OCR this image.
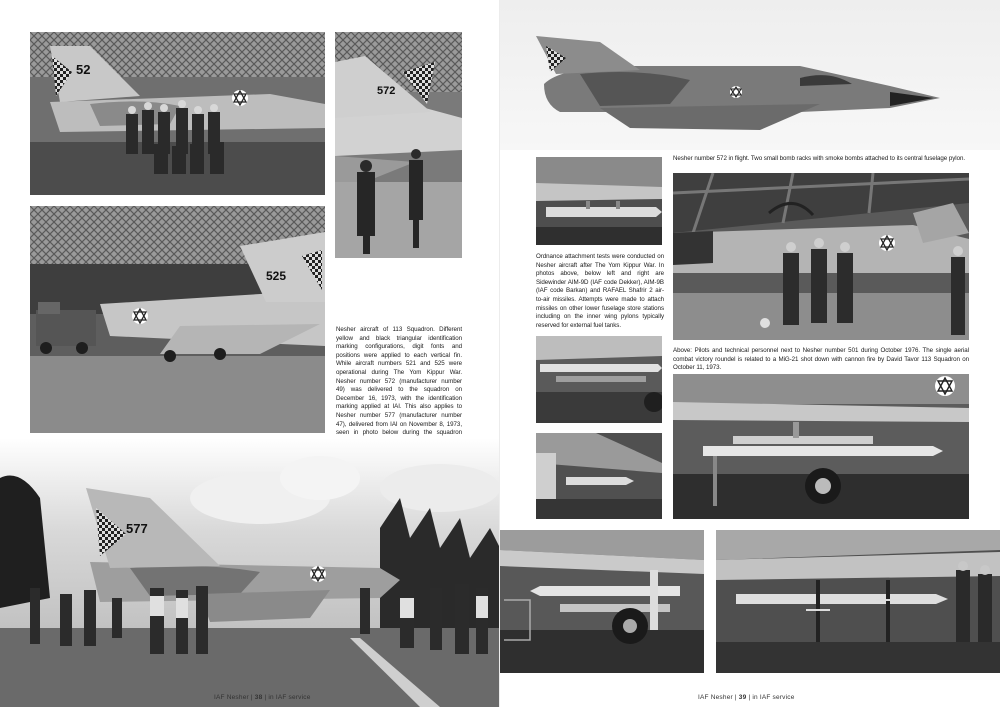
52
572
525
Nesher aircraft of 113 Squadron. Different yellow and black triangular identification marking configurations, digit fonts and positions were applied to each vertical fin. While aircraft numbers 521 and 525 were operational during The Yom Kippur War. Nesher number 572 (manufacturer number 49) was delivered to the squadron on December 16, 1973, with the identification marking applied at IAI. This also applies to Nesher number 577 (manufacturer number 47), delivered from IAI on November 8, 1973, seen in photo below during the squadron
577
IAF Nesher | 38 | in IAF service
Nesher number 572 in flight. Two small bomb racks with smoke bombs attached to its central fuselage pylon.
Ordnance attachment tests were conducted on Nesher aircraft after The Yom Kippur War. In photos above, below left and right are Sidewinder AIM-9D (IAF code Dekker), AIM-9B (IAF code Barkan) and RAFAEL Shafrir 2 air-to-air missiles. Attempts were made to attach missiles on other lower fuselage store stations including on the inner wing pylons typically reserved for external fuel tanks.
Above: Pilots and technical personnel next to Nesher number 501 during October 1976. The single aerial combat victory roundel is related to a MiG-21 shot down with cannon fire by David Tavor 113 Squadron on October 11, 1973.
IAF Nesher | 39 | in IAF service
